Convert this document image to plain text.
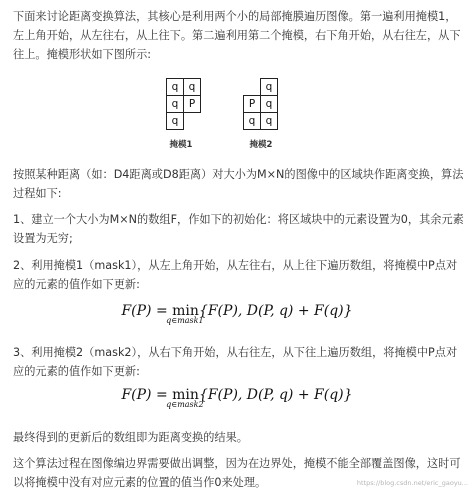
下面来讨论距离变换算法，其核心是利用两个小的局部掩膜遍历图像。第一遍利用掩模1，左上角开始，从左往右，从上往下。第二遍利用第二个掩模，右下角开始，从右往左，从下往上。掩模形状如下图所示:

q q
q	P
q
掩模1
q
P q
q q
掩模2

按照某种距离（如：D4距离或D8距离）对大小为M×N的图像中的区域块作距离变换，算法过程如下:

1、建立一个大小为M×N的数组F，作如下的初始化：将区域块中的元素设置为0，其余元素设置为无穷;

2、利用掩模1（mask1），从左上角开始，从左往右，从上往下遍历数组，将掩模中P点对应的元素的值作如下更新:

F(P) = min
q∈mask1
{F(P), D(P, q) + F(q)}

3、利用掩模2（mask2），从右下角开始，从右往左，从下往上遍历数组，将掩模中P点对应的元素的值作如下更新:

F(P) = min
q∈mask2
{F(P), D(P, q) + F(q)}

最终得到的更新后的数组即为距离变换的结果。

这个算法过程在图像编边界需要做出调整，因为在边界处，掩模不能全部覆盖图像，这时可以将掩模中没有对应元素的位置的值当作0来处理。	https://blog.csdn.net/eric_gaoyu...
